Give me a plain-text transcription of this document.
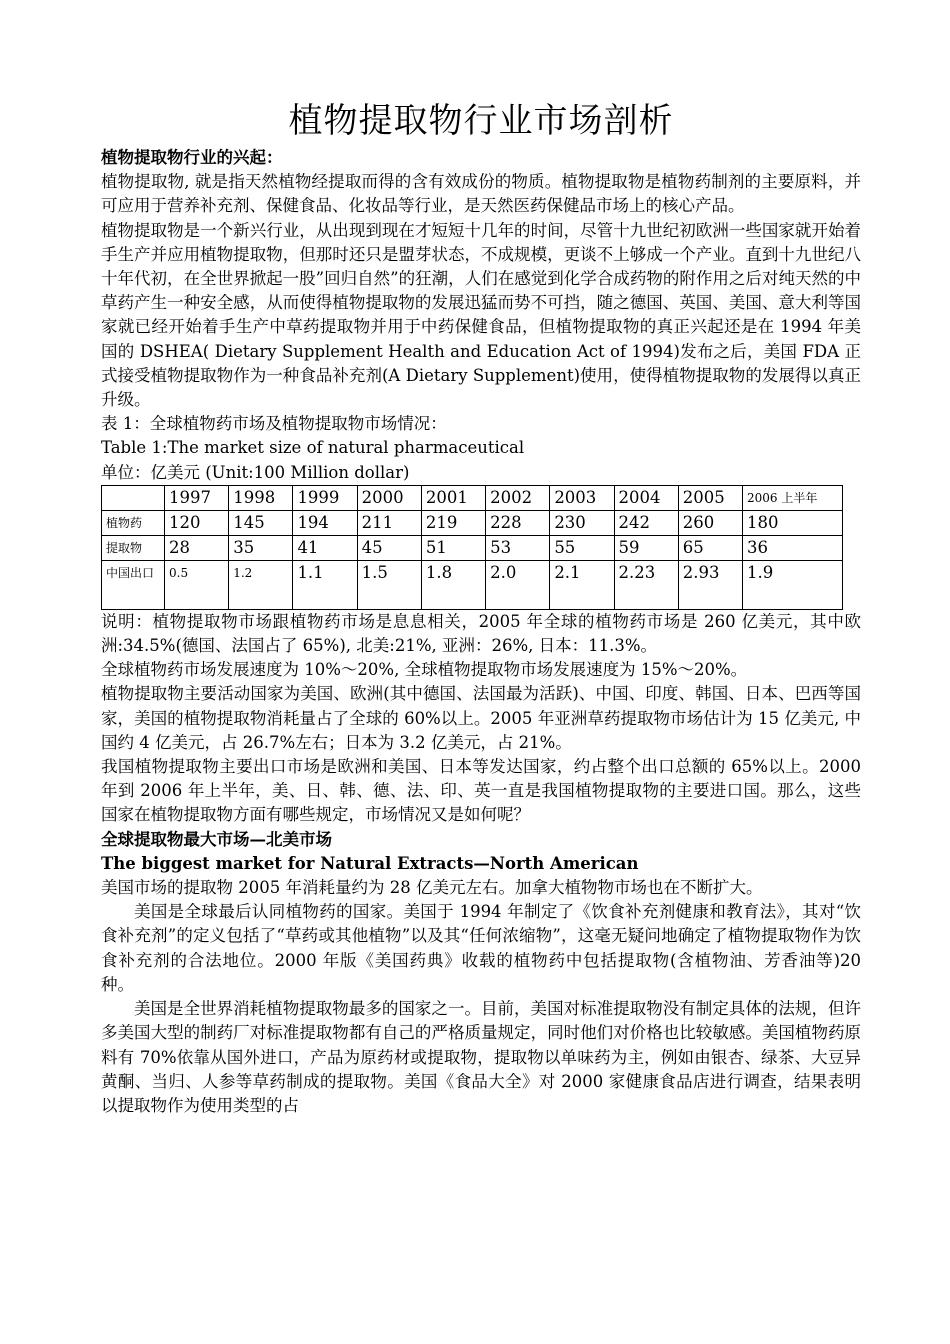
植物提取物行业市场剖析

植物提取物行业的兴起：

植物提取物, 就是指天然植物经提取而得的含有效成份的物质。植物提取物是植物药制剂的主要原料，并可应用于营养补充剂、保健食品、化妆品等行业，是天然医药保健品市场上的核心产品。

植物提取物是一个新兴行业，从出现到现在才短短十几年的时间，尽管十九世纪初欧洲一些国家就开始着手生产并应用植物提取物，但那时还只是盟芽状态，不成规模，更谈不上够成一个产业。直到十九世纪八十年代初，在全世界掀起一股”回归自然”的狂潮，人们在感觉到化学合成药物的附作用之后对纯天然的中草药产生一种安全感，从而使得植物提取物的发展迅猛而势不可挡，随之德国、英国、美国、意大利等国家就已经开始着手生产中草药提取物并用于中药保健食品，但植物提取物的真正兴起还是在 1994 年美国的 DSHEA( Dietary Supplement Health and Education Act of 1994)发布之后，美国 FDA 正式接受植物提取物作为一种食品补充剂(A Dietary Supplement)使用，使得植物提取物的发展得以真正升级。

表 1：全球植物药市场及植物提取物市场情况：

Table 1:The market size of natural pharmaceutical

单位：亿美元 (Unit:100 Million dollar)

	1997	1998	1999	2000	2001	2002	2003	2004	2005	2006 上半年
植物药	120	145	194	211	219	228	230	242	260	180
提取物	28	35	41	45	51	53	55	59	65	36
中国出口	0.5	1.2	1.1	1.5	1.8	2.0	2.1	2.23	2.93	1.9

说明：植物提取物市场跟植物药市场是息息相关，2005 年全球的植物药市场是 260 亿美元，其中欧洲:34.5%(德国、法国占了 65%), 北美:21%, 亚洲：26%, 日本：11.3%。

全球植物药市场发展速度为 10%～20%, 全球植物提取物市场发展速度为 15%～20%。

植物提取物主要活动国家为美国、欧洲(其中德国、法国最为活跃)、中国、印度、韩国、日本、巴西等国家，美国的植物提取物消耗量占了全球的 60%以上。2005 年亚洲草药提取物市场估计为 15 亿美元, 中国约 4 亿美元，占 26.7%左右；日本为 3.2 亿美元，占 21%。

我国植物提取物主要出口市场是欧洲和美国、日本等发达国家，约占整个出口总额的 65%以上。2000 年到 2006 年上半年，美、日、韩、德、法、印、英一直是我国植物提取物的主要进口国。那么，这些国家在植物提取物方面有哪些规定，市场情况又是如何呢？

全球提取物最大市场—北美市场

The biggest market for Natural Extracts—North American

美国市场的提取物 2005 年消耗量约为 28 亿美元左右。加拿大植物物市场也在不断扩大。

美国是全球最后认同植物药的国家。美国于 1994 年制定了《饮食补充剂健康和教育法》，其对“饮食补充剂”的定义包括了“草药或其他植物”以及其“任何浓缩物”，这毫无疑问地确定了植物提取物作为饮食补充剂的合法地位。2000 年版《美国药典》收载的植物药中包括提取物(含植物油、芳香油等)20 种。

美国是全世界消耗植物提取物最多的国家之一。目前，美国对标准提取物没有制定具体的法规，但许多美国大型的制药厂对标准提取物都有自己的严格质量规定，同时他们对价格也比较敏感。美国植物药原料有 70%依靠从国外进口，产品为原药材或提取物，提取物以单味药为主，例如由银杏、绿茶、大豆异黄酮、当归、人参等草药制成的提取物。美国《食品大全》对 2000 家健康食品店进行调查，结果表明以提取物作为使用类型的占
